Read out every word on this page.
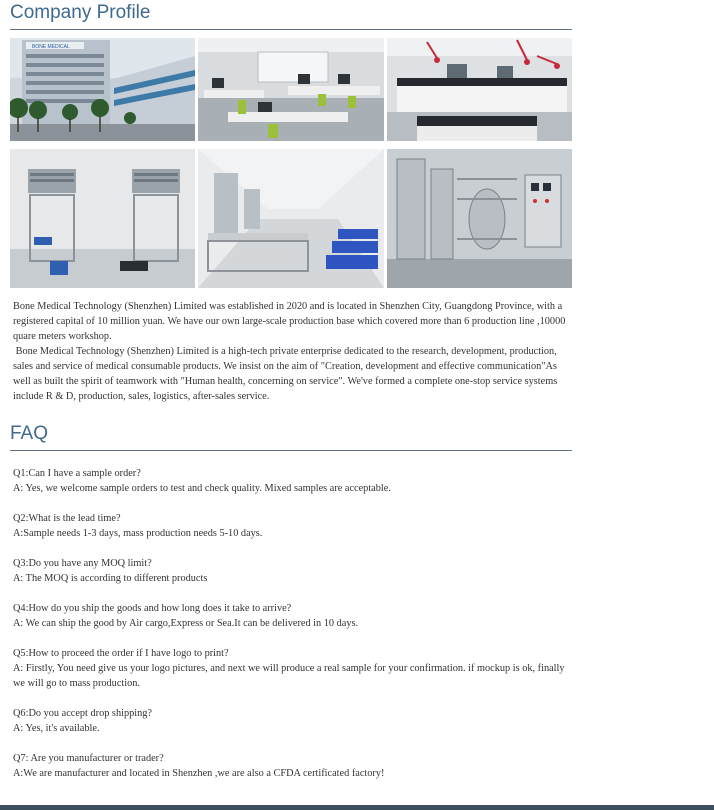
Company Profile
BONE MEDICAL

Bone Medical Technology (Shenzhen) Limited was established in 2020 and is located in Shenzhen City, Guangdong Province, with a

registered capital of 10 million yuan. We have our own large-scale production base which covered more than 6 production line ,10000 quare meters workshop.

Bone Medical Technology (Shenzhen) Limited is a high-tech private enterprise dedicated to the research, development, production, sales and service of medical consumable products. We insist on the aim of "Creation, development and effective communication"As well as built the spirit of teamwork with "Human health, concerning on service". We've formed a complete one-stop service systems include R & D, production, sales, logistics, after-sales service.

FAQ

Q1:Can I have a sample order?

A: Yes, we welcome sample orders to test and check quality. Mixed samples are acceptable.

Q2:What is the lead time?

A:Sample needs 1-3 days, mass production needs 5-10 days.

Q3:Do you have any MOQ limit?

A: The MOQ is according to different products

Q4:How do you ship the goods and how long does it take to arrive?

A: We can ship the good by Air cargo,Express or Sea.It can be delivered in 10 days.

Q5:How to proceed the order if I have logo to print?

A: Firstly, You need give us your logo pictures, and next we will produce a real sample for your confirmation. if mockup is ok, finally we will go to mass production.

Q6:Do you accept drop shipping?

A: Yes, it's available.

Q7: Are you manufacturer or trader?

A:We are manufacturer and located in Shenzhen ,we are also a CFDA certificated factory!
